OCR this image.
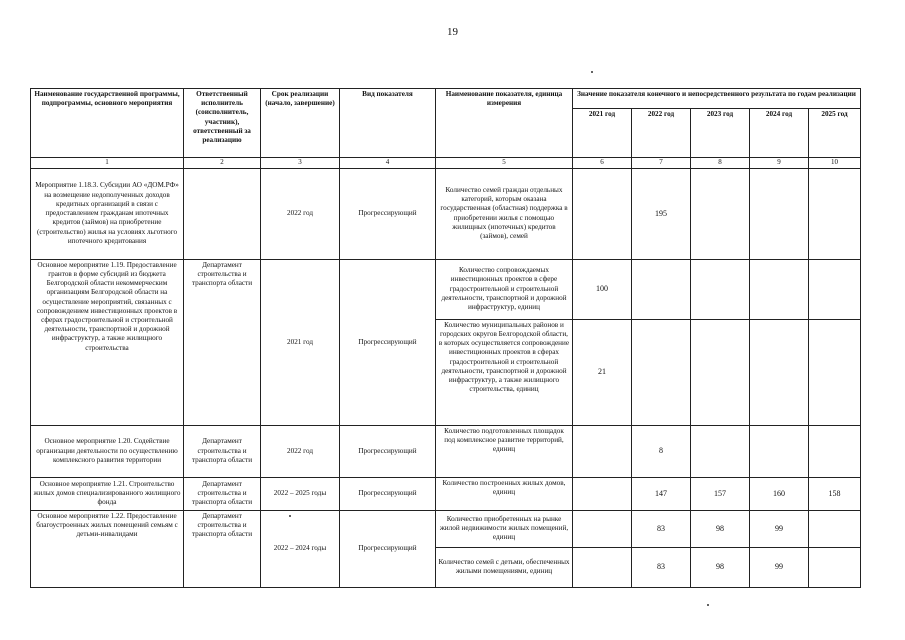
19
Наименование государственной программы, подпрограммы, основного мероприятия	Ответственный исполнитель (соисполнитель, участник), ответственный за реализацию	Срок реализации (начало, завершение)	Вид показателя	Наименование показателя, единица измерения	Значение показателя конечного и непосредственного результата по годам реализации				
					2021 год	2022 год	2023 год	2024 год	2025 год
1	2	3	4	5	6	7	8	9	10
Мероприятие 1.18.3. Субсидии АО «ДОМ.РФ» на возмещение недополученных доходов кредитных организаций в связи с предоставлением гражданам ипотечных кредитов (займов) на приобретение (строительство) жилья на условиях льготного ипотечного кредитования		2022 год	Прогрессирующий	Количество семей граждан отдельных категорий, которым оказана государственная (областная) поддержка в приобретении жилья с помощью жилищных (ипотечных) кредитов (займов), семей		195			
Основное мероприятие 1.19. Предоставление грантов в форме субсидий из бюджета Белгородской области некоммерческим организациям Белгородской области на осуществление мероприятий, связанных с сопровождением инвестиционных проектов в сферах градостроительной и строительной деятельности, транспортной и дорожной инфраструктур, а также жилищного строительства	Департамент строительства и транспорта области	2021 год	Прогрессирующий	Количество сопровождаемых инвестиционных проектов в сфере градостроительной и строительной деятельности, транспортной и дорожной инфраструктур, единиц	100				
				Количество муниципальных районов и городских округов Белгородской области, в которых осуществляется сопровождение инвестиционных проектов в сферах градостроительной и строительной деятельности, транспортной и дорожной инфраструктур, а также жилищного строительства, единиц	21				
Основное мероприятие 1.20. Содействие организации деятельности по осуществлению комплексного развития территории	Департамент строительства и транспорта области	2022 год	Прогрессирующий	Количество подготовленных площадок под комплексное развитие территорий, единиц		8			
Основное мероприятие 1.21. Строительство жилых домов специализированного жилищного фонда	Департамент строительства и транспорта области	2022 – 2025 годы	Прогрессирующий	Количество построенных жилых домов, единиц		147	157	160	158
Основное мероприятие 1.22. Предоставление благоустроенных жилых помещений семьям с детьми-инвалидами	Департамент строительства и транспорта области	2022 – 2024 годы	Прогрессирующий	Количество приобретенных на рынке жилой недвижимости жилых помещений, единиц		83	98	99	
				Количество семей с детьми, обеспеченных жилыми помещениями, единиц		83	98	99	
